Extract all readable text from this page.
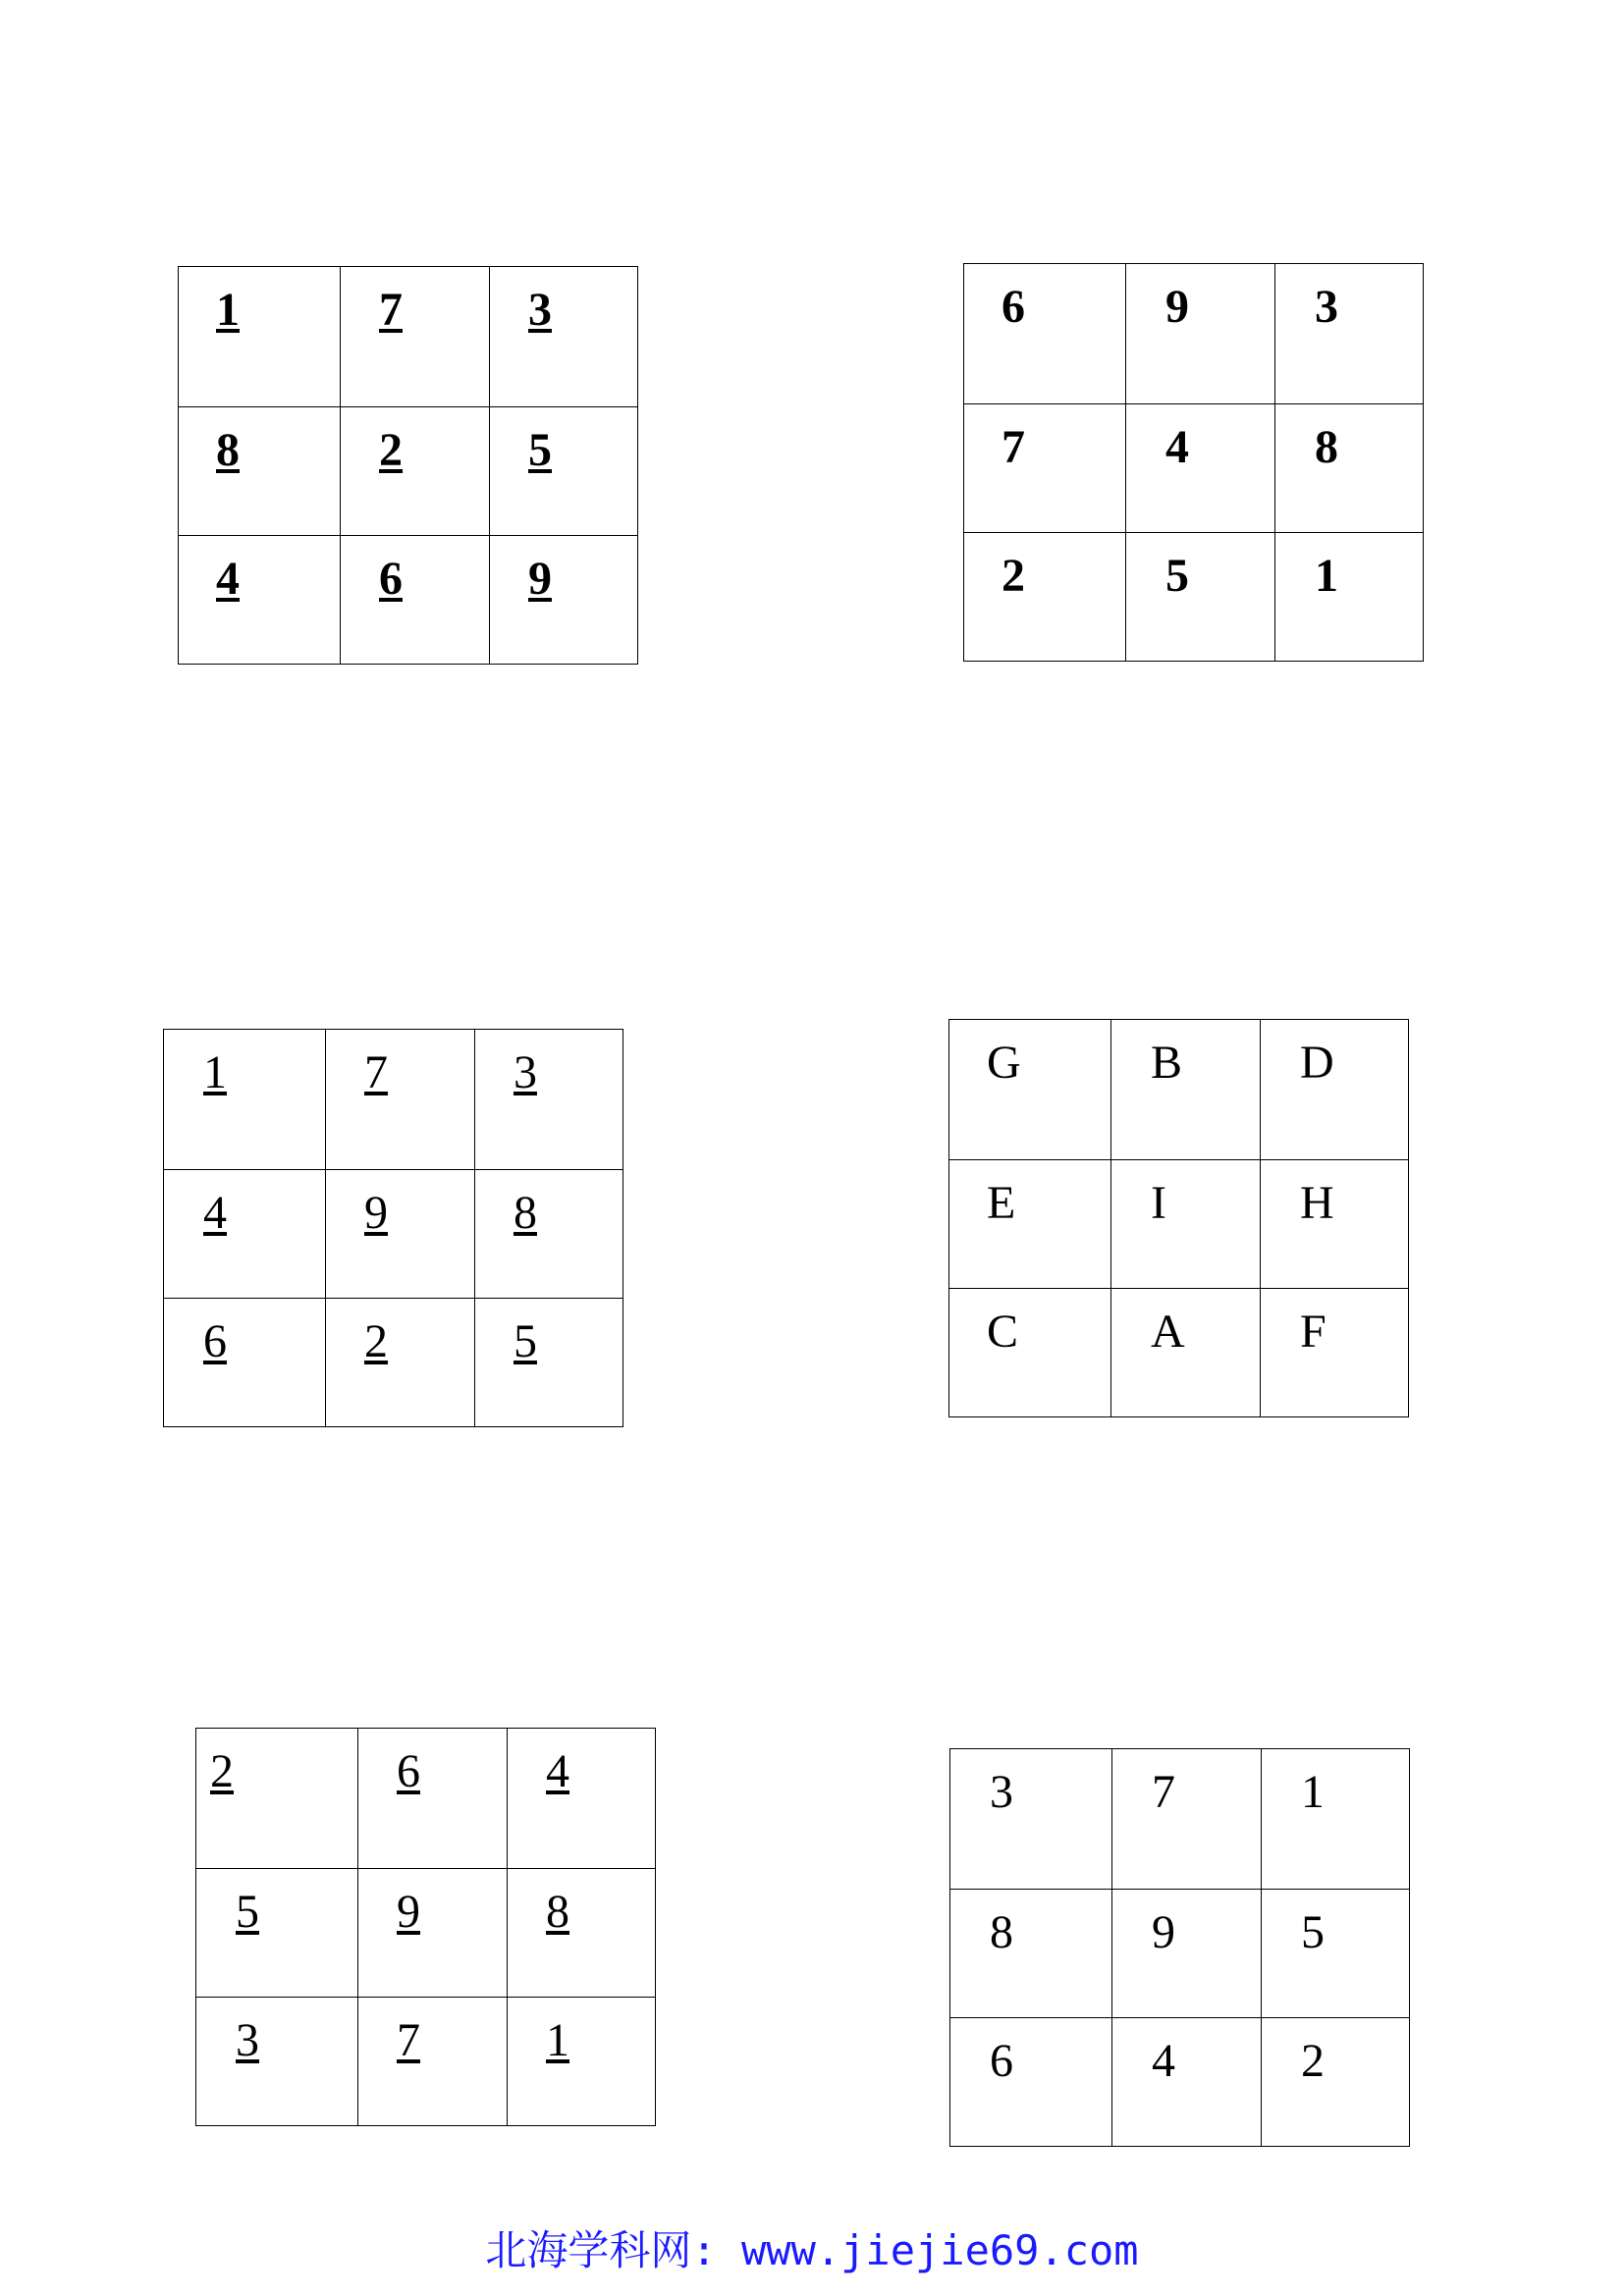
1	7	3

8	2	5

4	6	9
6	9	3

7	4	8

2	5	1
1	7	3

4	9	8

6	2	5
G	B	D

E	I	H

C	A	F
2	6	4

5	9	8

3	7	1
3	7	1

8	9	5

6	4	2
北海学科网: www.jiejie69.com
